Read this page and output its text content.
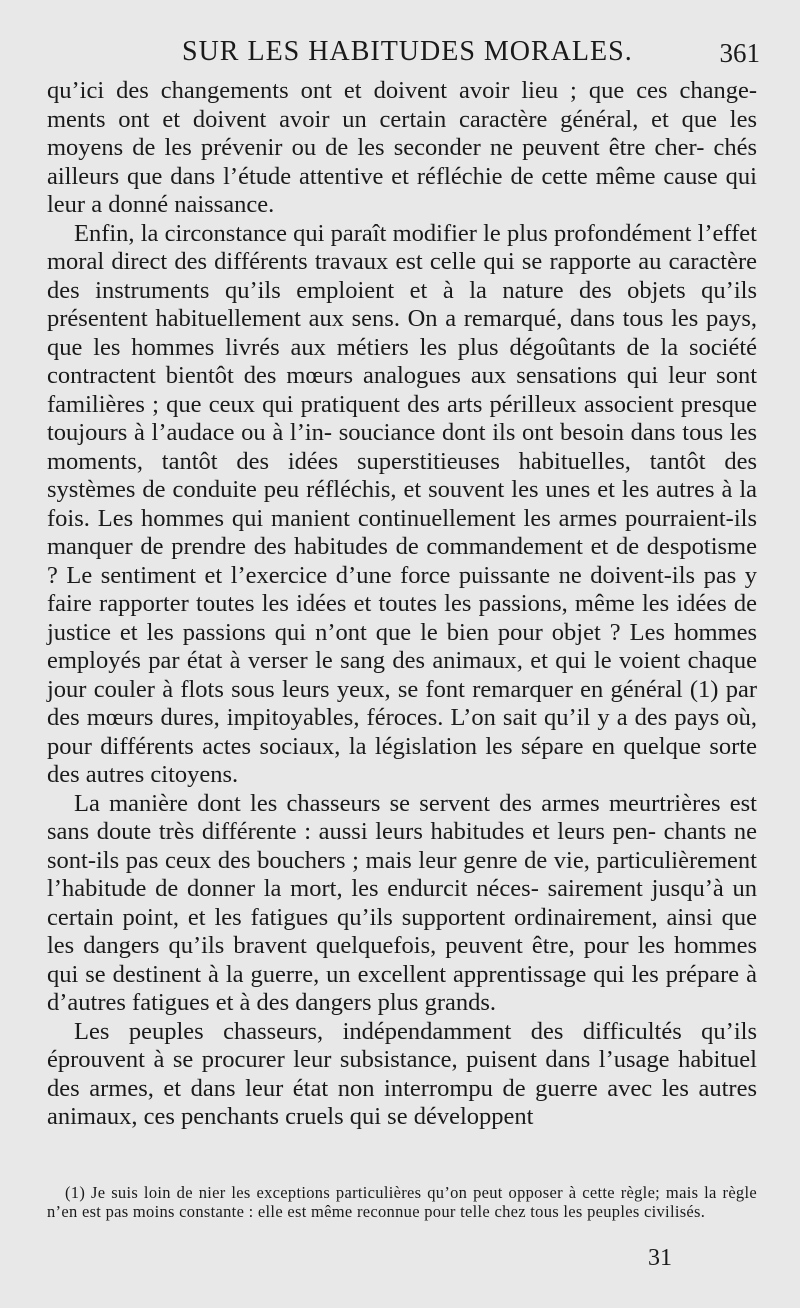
SUR LES HABITUDES MORALES.	361

qu’ici des changements ont et doivent avoir lieu ; que ces change- ments ont et doivent avoir un certain caractère général, et que les moyens de les prévenir ou de les seconder ne peuvent être cher- chés ailleurs que dans l’étude attentive et réfléchie de cette même cause qui leur a donné naissance.

Enfin, la circonstance qui paraît modifier le plus profondément l’effet moral direct des différents travaux est celle qui se rapporte au caractère des instruments qu’ils emploient et à la nature des objets qu’ils présentent habituellement aux sens. On a remarqué, dans tous les pays, que les hommes livrés aux métiers les plus dégoûtants de la société contractent bientôt des mœurs analogues aux sensations qui leur sont familières ; que ceux qui pratiquent des arts périlleux associent presque toujours à l’audace ou à l’in- souciance dont ils ont besoin dans tous les moments, tantôt des idées superstitieuses habituelles, tantôt des systèmes de conduite peu réfléchis, et souvent les unes et les autres à la fois. Les hommes qui manient continuellement les armes pourraient-ils manquer de prendre des habitudes de commandement et de despotisme ? Le sentiment et l’exercice d’une force puissante ne doivent-ils pas y faire rapporter toutes les idées et toutes les passions, même les idées de justice et les passions qui n’ont que le bien pour objet ? Les hommes employés par état à verser le sang des animaux, et qui le voient chaque jour couler à flots sous leurs yeux, se font remarquer en général (1) par des mœurs dures, impitoyables, féroces. L’on sait qu’il y a des pays où, pour différents actes sociaux, la législation les sépare en quelque sorte des autres citoyens.

La manière dont les chasseurs se servent des armes meurtrières est sans doute très différente : aussi leurs habitudes et leurs pen- chants ne sont-ils pas ceux des bouchers ; mais leur genre de vie, particulièrement l’habitude de donner la mort, les endurcit néces- sairement jusqu’à un certain point, et les fatigues qu’ils supportent ordinairement, ainsi que les dangers qu’ils bravent quelquefois, peuvent être, pour les hommes qui se destinent à la guerre, un excellent apprentissage qui les prépare à d’autres fatigues et à des dangers plus grands.

Les peuples chasseurs, indépendamment des difficultés qu’ils éprouvent à se procurer leur subsistance, puisent dans l’usage habituel des armes, et dans leur état non interrompu de guerre avec les autres animaux, ces penchants cruels qui se développent

(1) Je suis loin de nier les exceptions particulières qu’on peut opposer à cette règle; mais la règle n’en est pas moins constante : elle est même reconnue pour telle chez tous les peuples civilisés.

31
